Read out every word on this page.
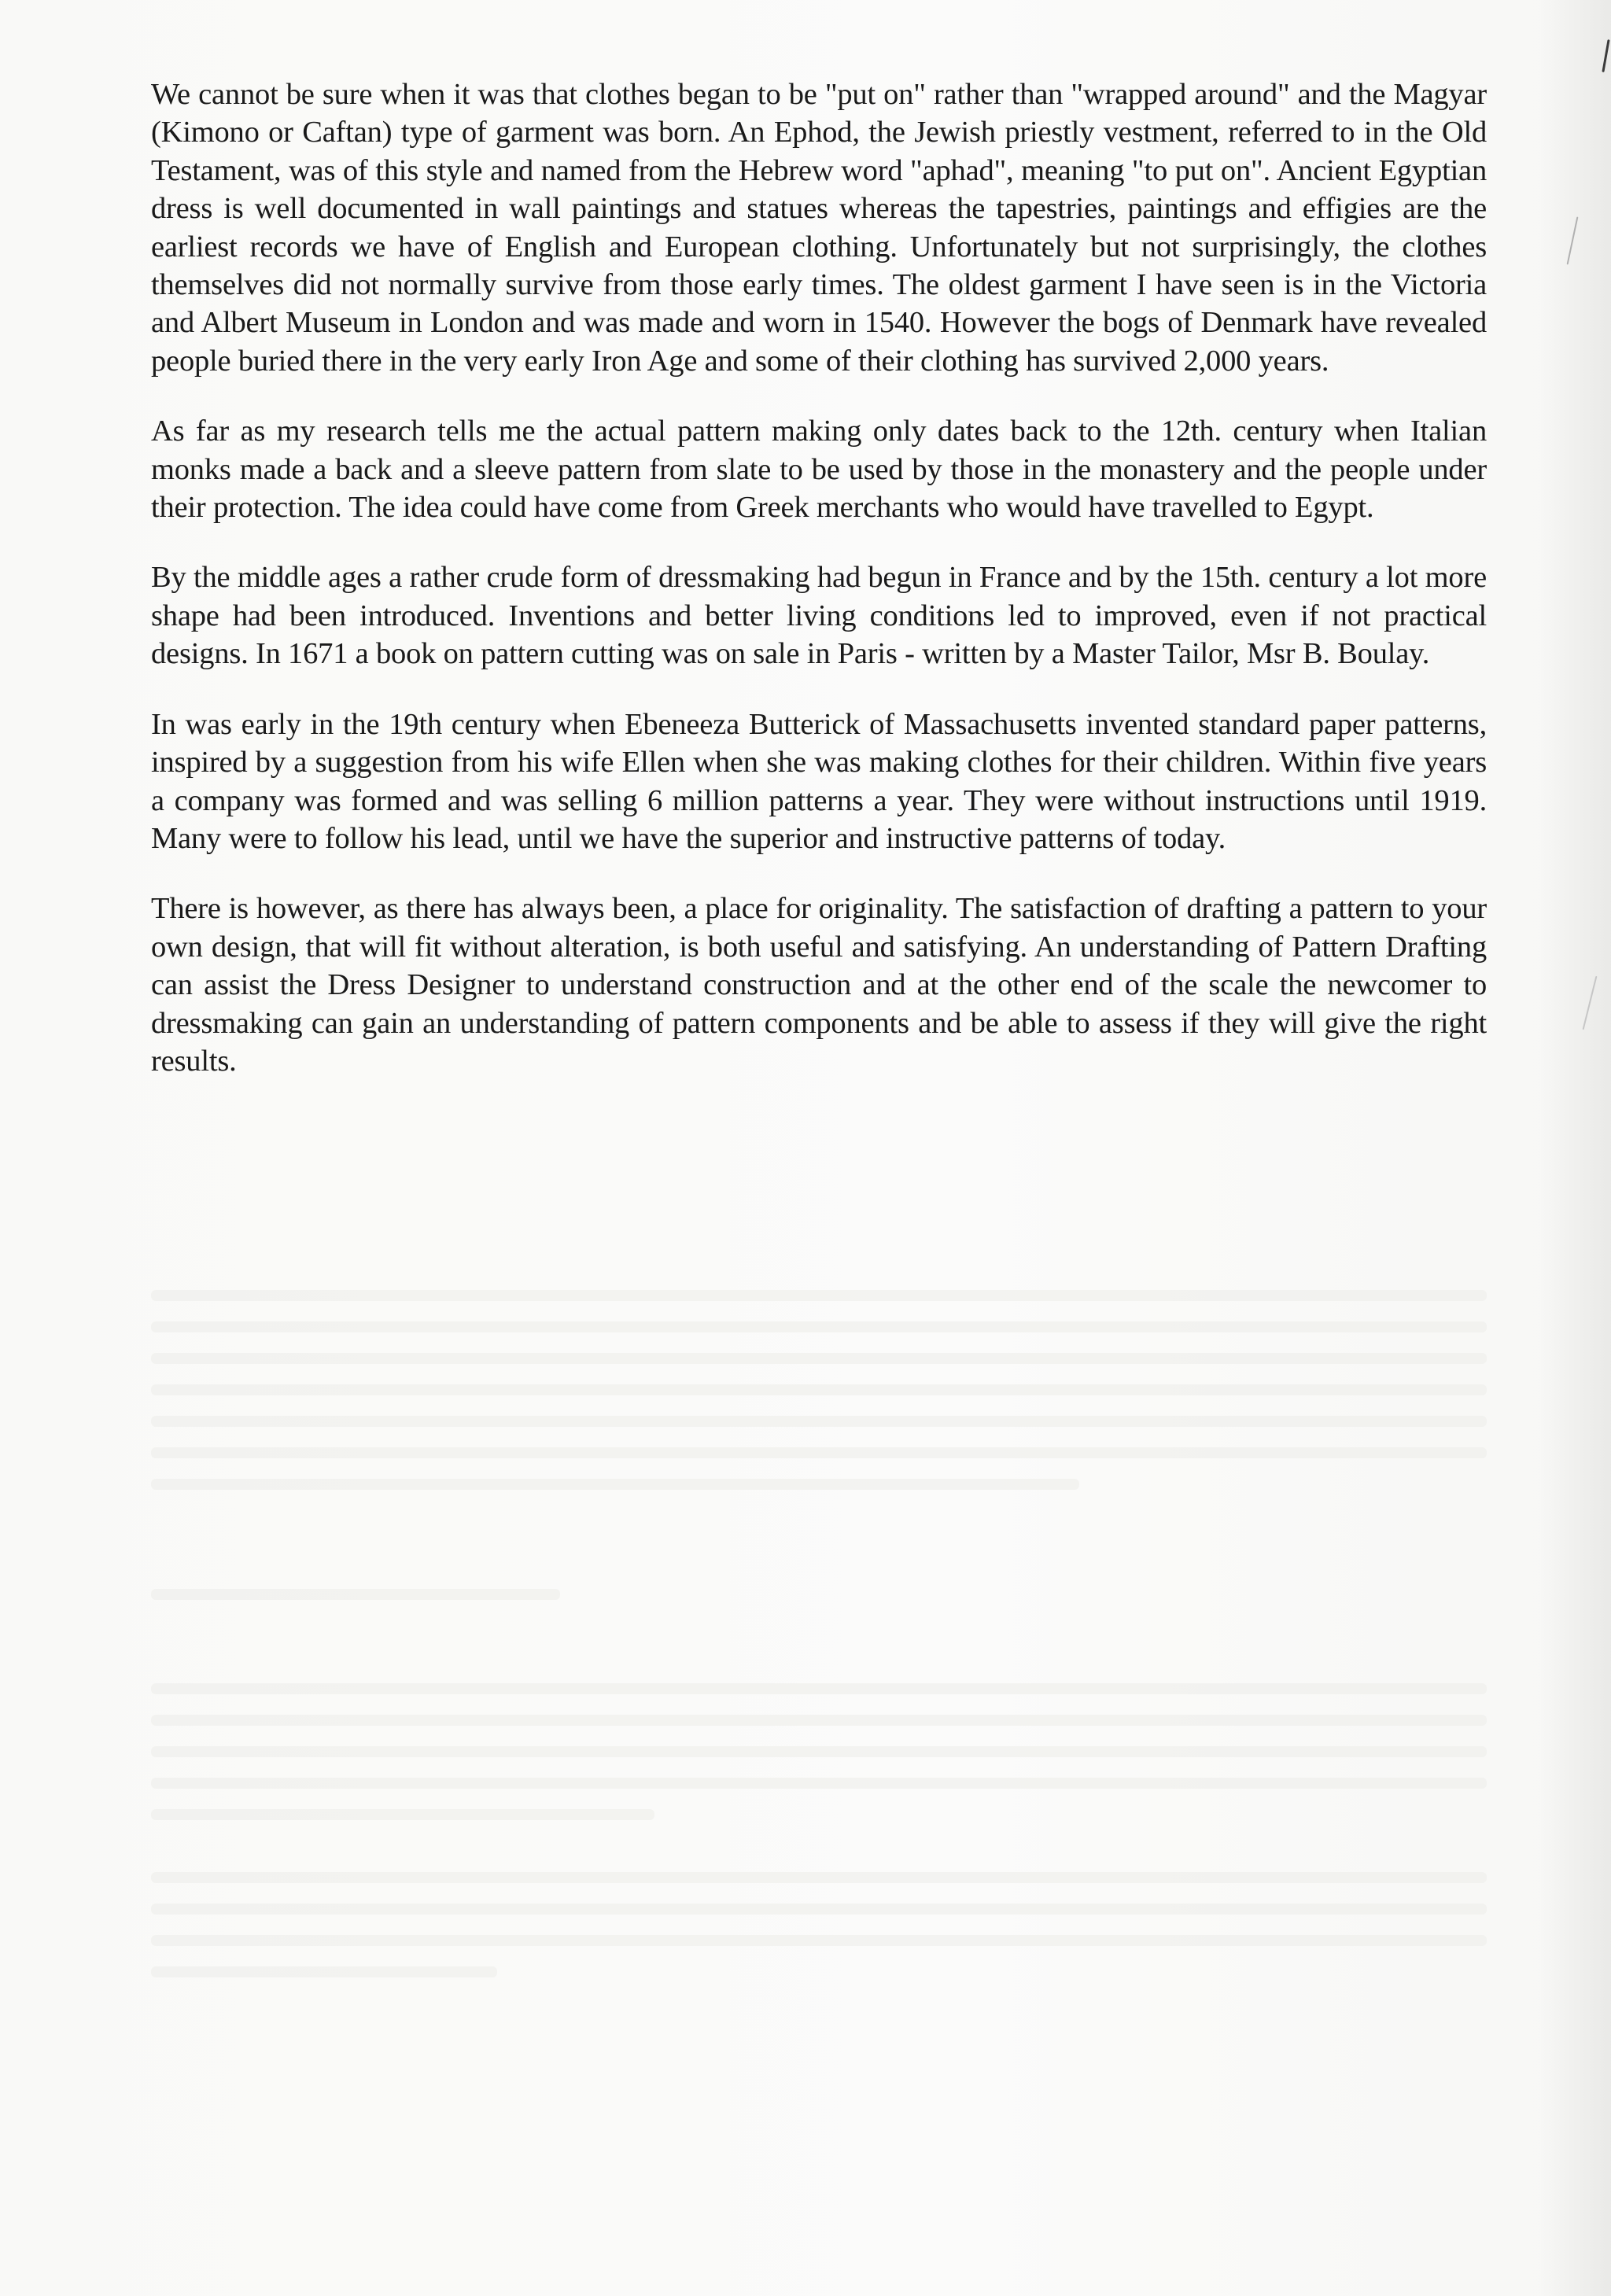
We cannot be sure when it was that clothes began to be "put on" rather than "wrapped around" and the Magyar (Kimono or Caftan) type of garment was born. An Ephod, the Jewish priestly vestment, referred to in the Old Testament, was of this style and named from the Hebrew word "aphad", meaning "to put on". Ancient Egyptian dress is well documented in wall paintings and statues whereas the tapestries, paintings and effigies are the earliest records we have of English and European clothing. Unfortunately but not surprisingly, the clothes themselves did not normally survive from those early times. The oldest garment I have seen is in the Victoria and Albert Museum in London and was made and worn in 1540. However the bogs of Denmark have revealed people buried there in the very early Iron Age and some of their clothing has survived 2,000 years.

As far as my research tells me the actual pattern making only dates back to the 12th. century when Italian monks made a back and a sleeve pattern from slate to be used by those in the monastery and the people under their protection. The idea could have come from Greek merchants who would have travelled to Egypt.

By the middle ages a rather crude form of dressmaking had begun in France and by the 15th. century a lot more shape had been introduced. Inventions and better living conditions led to improved, even if not practical designs. In 1671 a book on pattern cutting was on sale in Paris - written by a Master Tailor, Msr B. Boulay.

In was early in the 19th century when Ebeneeza Butterick of Massachusetts invented standard paper patterns, inspired by a suggestion from his wife Ellen when she was making clothes for their children. Within five years a company was formed and was selling 6 million patterns a year. They were without instructions until 1919. Many were to follow his lead, until we have the superior and instructive patterns of today.

There is however, as there has always been, a place for originality. The satisfaction of drafting a pattern to your own design, that will fit without alteration, is both useful and satisfying. An understanding of Pattern Drafting can assist the Dress Designer to understand construction and at the other end of the scale the newcomer to dressmaking can gain an understanding of pattern components and be able to assess if they will give the right results.
